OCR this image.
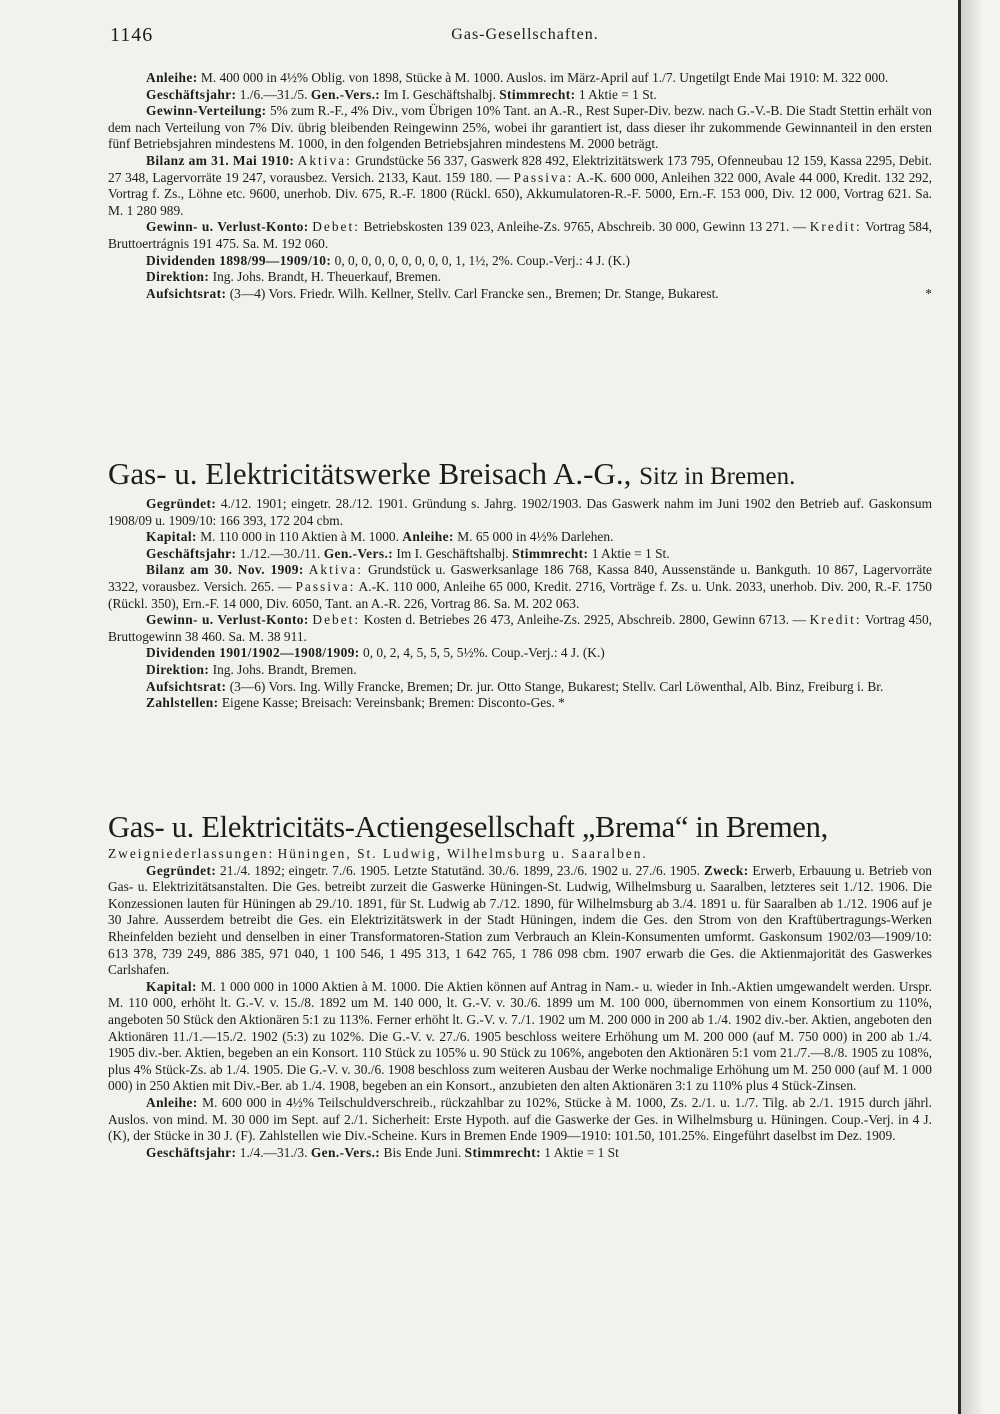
1146	Gas-Gesellschaften.

Anleihe: M. 400 000 in 4½% Oblig. von 1898, Stücke à M. 1000. Auslos. im März-April auf 1./7. Ungetilgt Ende Mai 1910: M. 322 000.

Geschäftsjahr: 1./6.—31./5. Gen.-Vers.: Im I. Geschäftshalbj. Stimmrecht: 1 Aktie = 1 St.

Gewinn-Verteilung: 5% zum R.-F., 4% Div., vom Übrigen 10% Tant. an A.-R., Rest Super-Div. bezw. nach G.-V.-B. Die Stadt Stettin erhält von dem nach Verteilung von 7% Div. übrig bleibenden Reingewinn 25%, wobei ihr garantiert ist, dass dieser ihr zukommende Gewinnanteil in den ersten fünf Betriebsjahren mindestens M. 1000, in den folgenden Betriebsjahren mindestens M. 2000 beträgt.

Bilanz am 31. Mai 1910: Aktiva: Grundstücke 56 337, Gaswerk 828 492, Elektrizitätswerk 173 795, Ofenneubau 12 159, Kassa 2295, Debit. 27 348, Lagervorräte 19 247, vorausbez. Versich. 2133, Kaut. 159 180. — Passiva: A.-K. 600 000, Anleihen 322 000, Avale 44 000, Kredit. 132 292, Vortrag f. Zs., Löhne etc. 9600, unerhob. Div. 675, R.-F. 1800 (Rückl. 650), Akkumulatoren-R.-F. 5000, Ern.-F. 153 000, Div. 12 000, Vortrag 621. Sa. M. 1 280 989.

Gewinn- u. Verlust-Konto: Debet: Betriebskosten 139 023, Anleihe-Zs. 9765, Abschreib. 30 000, Gewinn 13 271. — Kredit: Vortrag 584, Bruttoertrágnis 191 475. Sa. M. 192 060.

Dividenden 1898/99—1909/10: 0, 0, 0, 0, 0, 0, 0, 0, 0, 1, 1½, 2%. Coup.-Verj.: 4 J. (K.)

Direktion: Ing. Johs. Brandt, H. Theuerkauf, Bremen.

Aufsichtsrat: (3—4) Vors. Friedr. Wilh. Kellner, Stellv. Carl Francke sen., Bremen; Dr. Stange, Bukarest.	*

Gas- u. Elektricitätswerke Breisach A.-G., Sitz in Bremen.

Gegründet: 4./12. 1901; eingetr. 28./12. 1901. Gründung s. Jahrg. 1902/1903. Das Gaswerk nahm im Juni 1902 den Betrieb auf. Gaskonsum 1908/09 u. 1909/10: 166 393, 172 204 cbm.

Kapital: M. 110 000 in 110 Aktien à M. 1000. Anleihe: M. 65 000 in 4½% Darlehen.

Geschäftsjahr: 1./12.—30./11. Gen.-Vers.: Im I. Geschäftshalbj. Stimmrecht: 1 Aktie = 1 St.

Bilanz am 30. Nov. 1909: Aktiva: Grundstück u. Gaswerksanlage 186 768, Kassa 840, Aussenstände u. Bankguth. 10 867, Lagervorräte 3322, vorausbez. Versich. 265. — Passiva: A.-K. 110 000, Anleihe 65 000, Kredit. 2716, Vorträge f. Zs. u. Unk. 2033, unerhob. Div. 200, R.-F. 1750 (Rückl. 350), Ern.-F. 14 000, Div. 6050, Tant. an A.-R. 226, Vortrag 86. Sa. M. 202 063.

Gewinn- u. Verlust-Konto: Debet: Kosten d. Betriebes 26 473, Anleihe-Zs. 2925, Abschreib. 2800, Gewinn 6713. — Kredit: Vortrag 450, Bruttogewinn 38 460. Sa. M. 38 911.

Dividenden 1901/1902—1908/1909: 0, 0, 2, 4, 5, 5, 5, 5½%. Coup.-Verj.: 4 J. (K.)

Direktion: Ing. Johs. Brandt, Bremen.

Aufsichtsrat: (3—6) Vors. Ing. Willy Francke, Bremen; Dr. jur. Otto Stange, Bukarest; Stellv. Carl Löwenthal, Alb. Binz, Freiburg i. Br.

Zahlstellen: Eigene Kasse; Breisach: Vereinsbank; Bremen: Disconto-Ges. *

Gas- u. Elektricitäts-Actiengesellschaft „Brema“ in Bremen,

Zweigniederlassungen: Hüningen, St. Ludwig, Wilhelmsburg u. Saaralben.

Gegründet: 21./4. 1892; eingetr. 7./6. 1905. Letzte Statutänd. 30./6. 1899, 23./6. 1902 u. 27./6. 1905. Zweck: Erwerb, Erbauung u. Betrieb von Gas- u. Elektrizitätsanstalten. Die Ges. betreibt zurzeit die Gaswerke Hüningen-St. Ludwig, Wilhelmsburg u. Saaralben, letzteres seit 1./12. 1906. Die Konzessionen lauten für Hüningen ab 29./10. 1891, für St. Ludwig ab 7./12. 1890, für Wilhelmsburg ab 3./4. 1891 u. für Saaralben ab 1./12. 1906 auf je 30 Jahre. Ausserdem betreibt die Ges. ein Elektrizitätswerk in der Stadt Hüningen, indem die Ges. den Strom von den Kraftübertragungs-Werken Rheinfelden bezieht und denselben in einer Transformatoren-Station zum Verbrauch an Klein-Konsumenten umformt. Gaskonsum 1902/03—1909/10: 613 378, 739 249, 886 385, 971 040, 1 100 546, 1 495 313, 1 642 765, 1 786 098 cbm. 1907 erwarb die Ges. die Aktienmajorität des Gaswerkes Carlshafen.

Kapital: M. 1 000 000 in 1000 Aktien à M. 1000. Die Aktien können auf Antrag in Nam.- u. wieder in Inh.-Aktien umgewandelt werden. Urspr. M. 110 000, erhöht lt. G.-V. v. 15./8. 1892 um M. 140 000, lt. G.-V. v. 30./6. 1899 um M. 100 000, übernommen von einem Konsortium zu 110%, angeboten 50 Stück den Aktionären 5:1 zu 113%. Ferner erhöht lt. G.-V. v. 7./1. 1902 um M. 200 000 in 200 ab 1./4. 1902 div.-ber. Aktien, angeboten den Aktionären 11./1.—15./2. 1902 (5:3) zu 102%. Die G.-V. v. 27./6. 1905 beschloss weitere Erhöhung um M. 200 000 (auf M. 750 000) in 200 ab 1./4. 1905 div.-ber. Aktien, begeben an ein Konsort. 110 Stück zu 105% u. 90 Stück zu 106%, angeboten den Aktionären 5:1 vom 21./7.—8./8. 1905 zu 108%, plus 4% Stück-Zs. ab 1./4. 1905. Die G.-V. v. 30./6. 1908 beschloss zum weiteren Ausbau der Werke nochmalige Erhöhung um M. 250 000 (auf M. 1 000 000) in 250 Aktien mit Div.-Ber. ab 1./4. 1908, begeben an ein Konsort., anzubieten den alten Aktionären 3:1 zu 110% plus 4 Stück-Zinsen.

Anleihe: M. 600 000 in 4½% Teilschuldverschreib., rückzahlbar zu 102%, Stücke à M. 1000, Zs. 2./1. u. 1./7. Tilg. ab 2./1. 1915 durch jährl. Auslos. von mind. M. 30 000 im Sept. auf 2./1. Sicherheit: Erste Hypoth. auf die Gaswerke der Ges. in Wilhelmsburg u. Hüningen. Coup.-Verj. in 4 J. (K), der Stücke in 30 J. (F). Zahlstellen wie Div.-Scheine. Kurs in Bremen Ende 1909—1910: 101.50, 101.25%. Eingeführt daselbst im Dez. 1909.

Geschäftsjahr: 1./4.—31./3. Gen.-Vers.: Bis Ende Juni. Stimmrecht: 1 Aktie = 1 St
